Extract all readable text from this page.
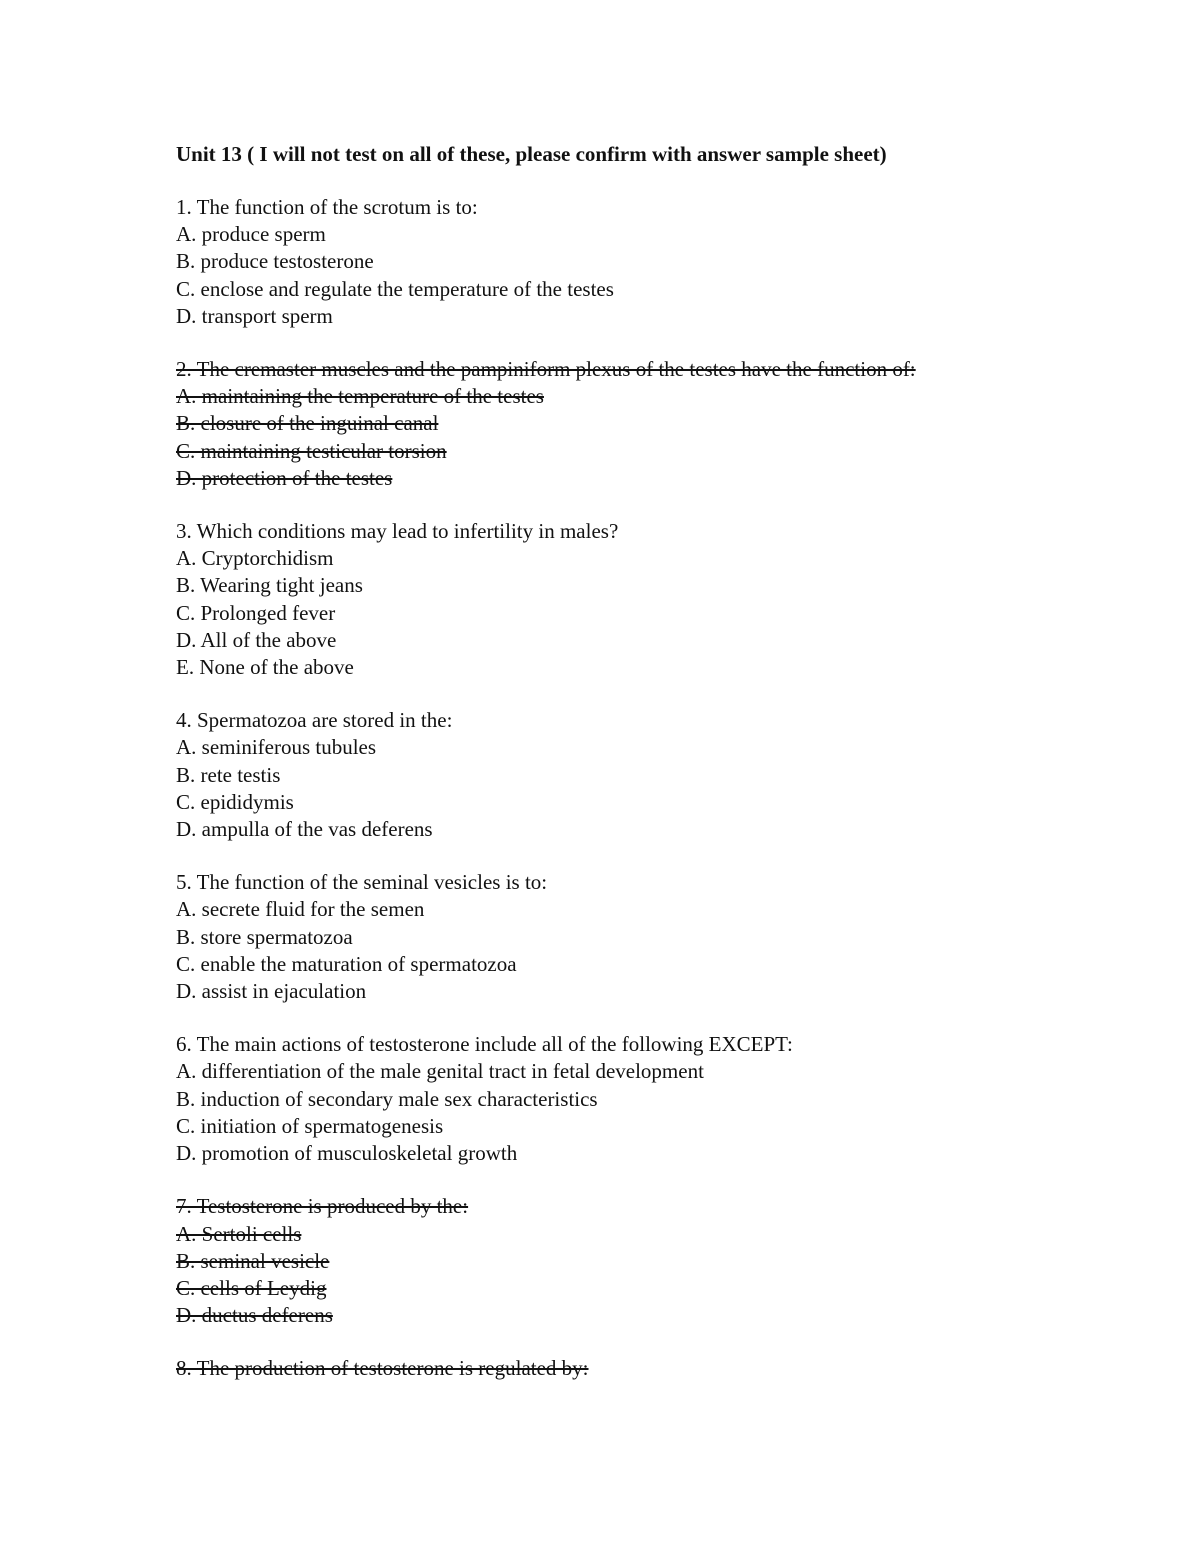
Unit 13 ( I will not test on all of these, please confirm with answer sample sheet)
1. The function of the scrotum is to:
A. produce sperm
B. produce testosterone
C. enclose and regulate the temperature of the testes
D. transport sperm
2. The cremaster muscles and the pampiniform plexus of the testes have the function of:
A. maintaining the temperature of the testes
B. closure of the inguinal canal
C. maintaining testicular torsion
D. protection of the testes
3. Which conditions may lead to infertility in males?
A. Cryptorchidism
B. Wearing tight jeans
C. Prolonged fever
D. All of the above
E. None of the above
4. Spermatozoa are stored in the:
A. seminiferous tubules
B. rete testis
C. epididymis
D. ampulla of the vas deferens
5. The function of the seminal vesicles is to:
A. secrete fluid for the semen
B. store spermatozoa
C. enable the maturation of spermatozoa
D. assist in ejaculation
6. The main actions of testosterone include all of the following EXCEPT:
A. differentiation of the male genital tract in fetal development
B. induction of secondary male sex characteristics
C. initiation of spermatogenesis
D. promotion of musculoskeletal growth
7. Testosterone is produced by the:
A. Sertoli cells
B. seminal vesicle
C. cells of Leydig
D. ductus deferens
8. The production of testosterone is regulated by:
